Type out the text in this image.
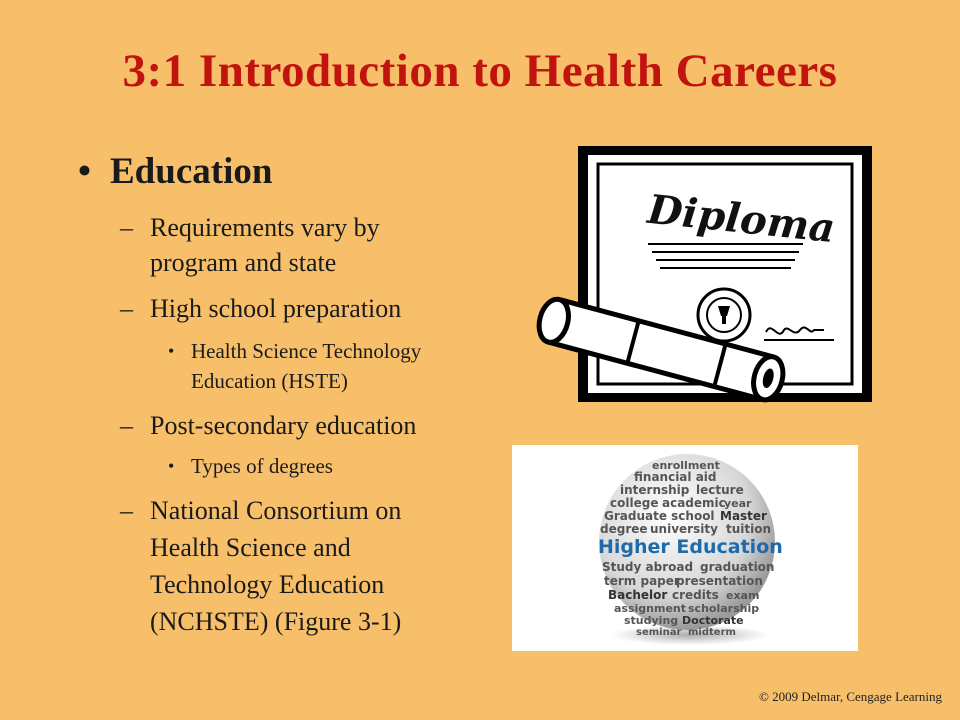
3:1 Introduction to Health Careers
• Education
– Requirements vary by
program and state
– High school preparation
• Health Science Technology
Education (HSTE)
– Post-secondary education
• Types of degrees
– National Consortium on
Health Science and
Technology Education
(NCHSTE) (Figure 3-1)
Diploma
enrollment
financial aid
internship lecture
college academic
year
Graduate school Master
degree university tuition
Higher Education
Study abroad graduation
term paper
presentation
Bachelor credits exam
assignment scholarship
studying Doctorate
seminar midterm
© 2009 Delmar, Cengage Learning
